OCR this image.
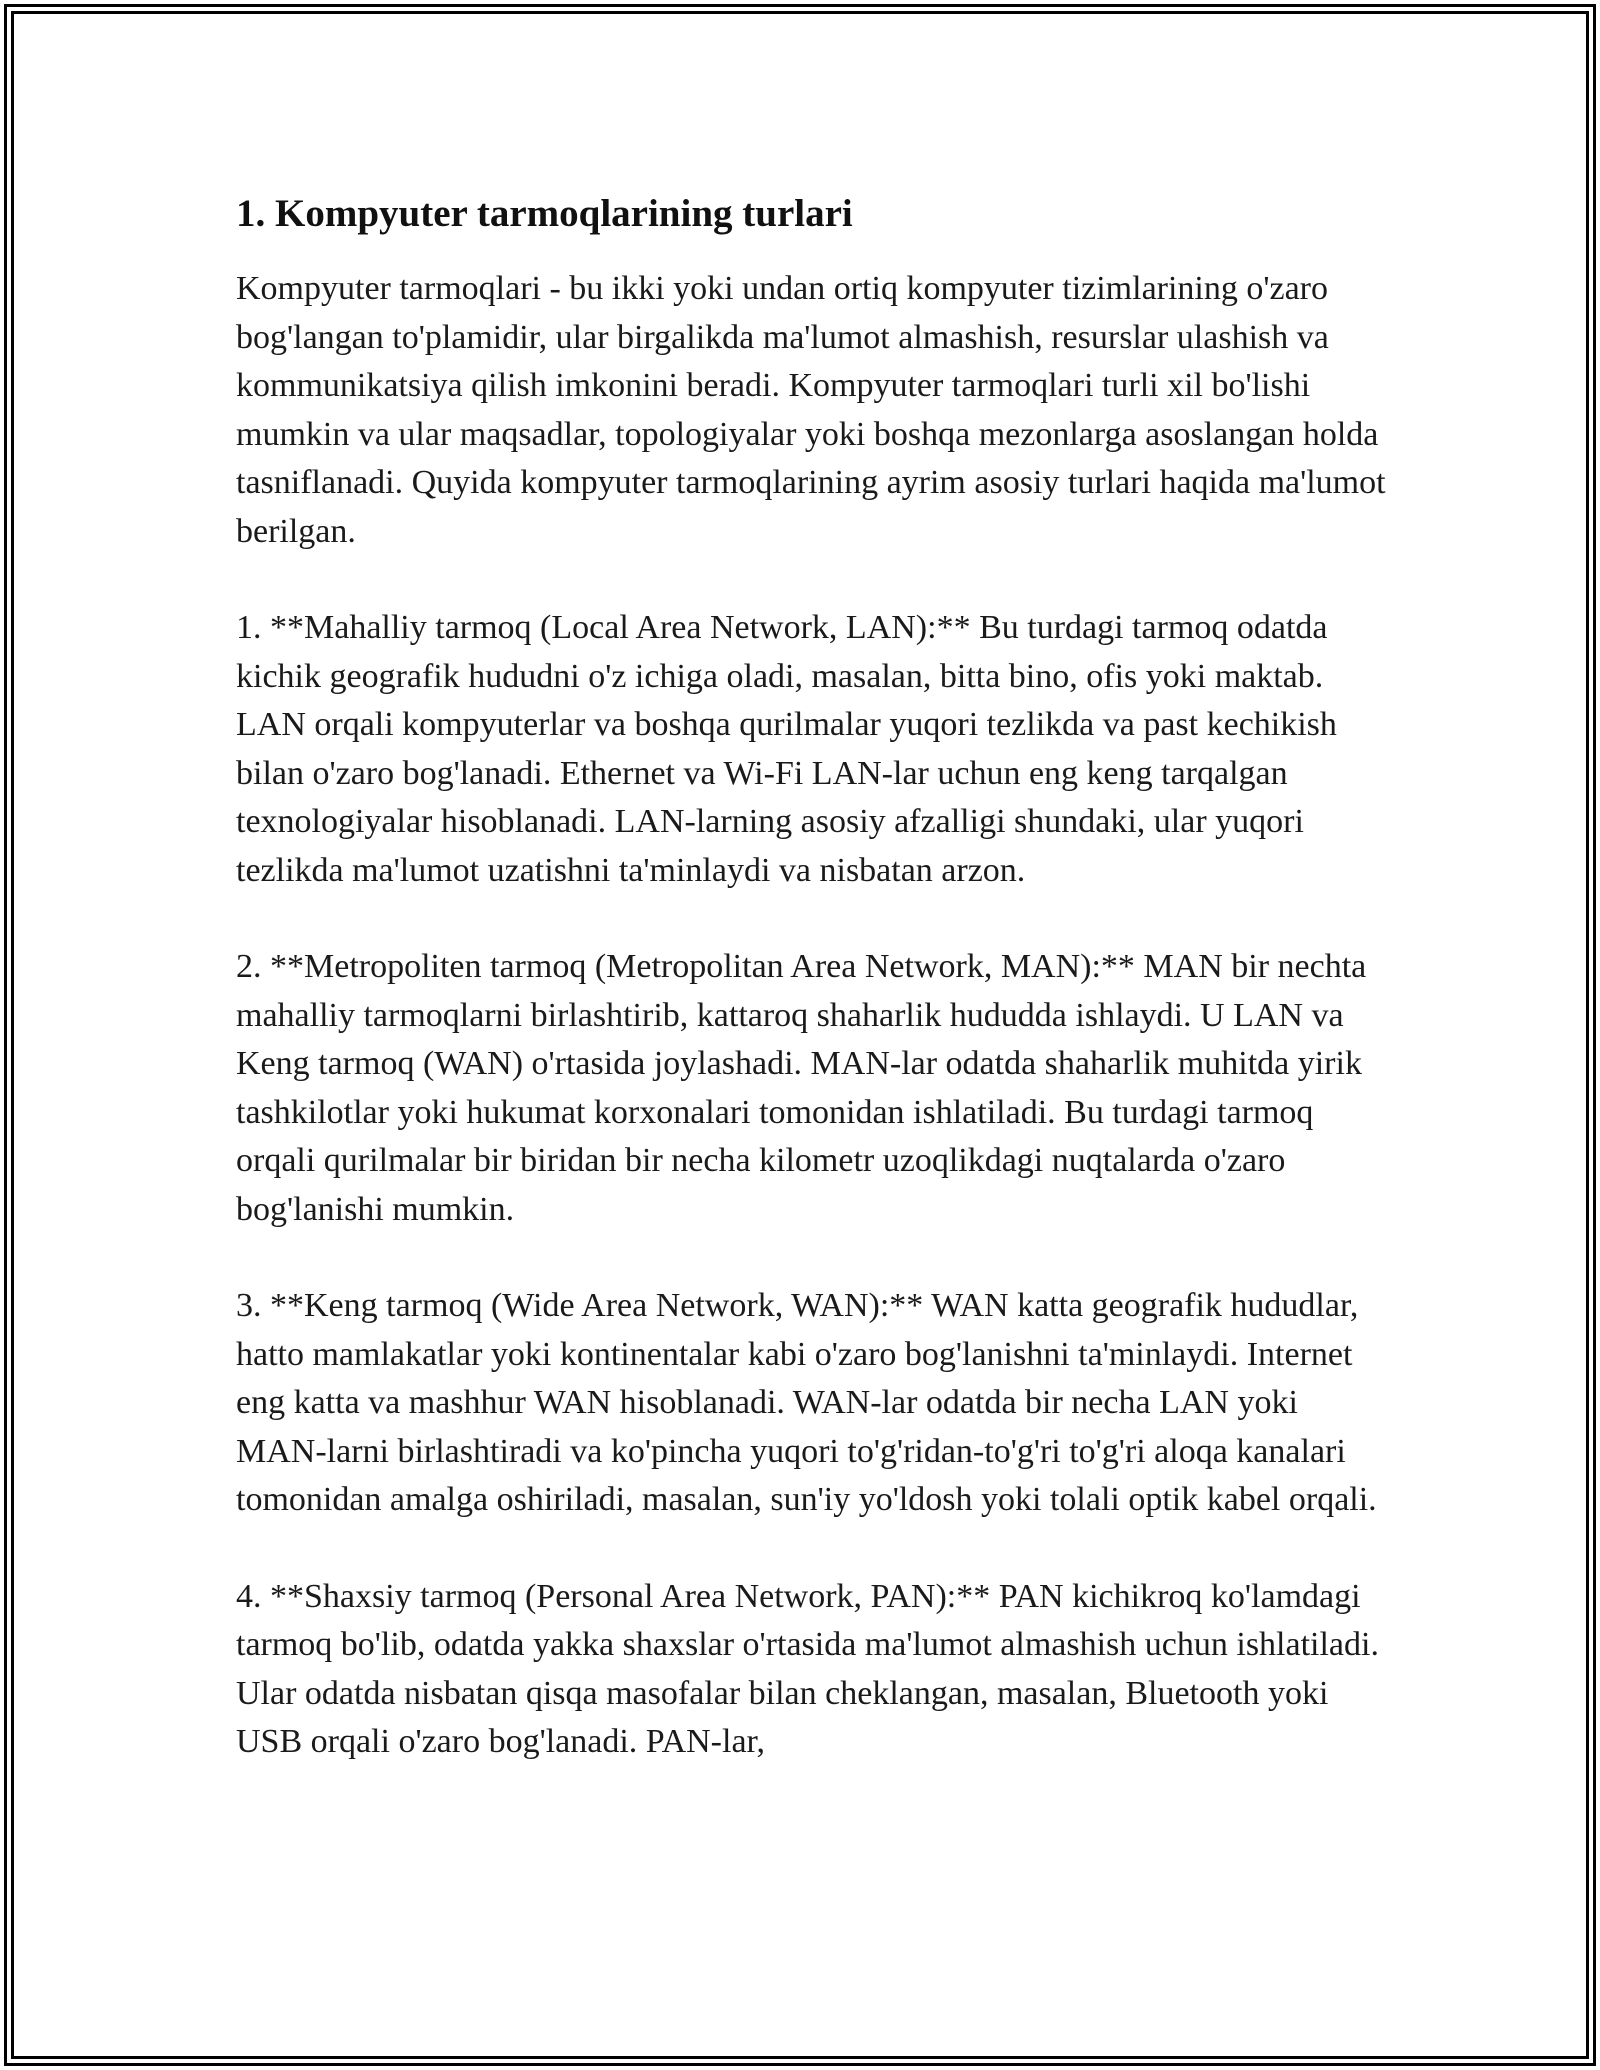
1. Kompyuter tarmoqlarining turlari

Kompyuter tarmoqlari - bu ikki yoki undan ortiq kompyuter tizimlarining o'zaro bog'langan to'plamidir, ular birgalikda ma'lumot almashish, resurslar ulashish va kommunikatsiya qilish imkonini beradi. Kompyuter tarmoqlari turli xil bo'lishi mumkin va ular maqsadlar, topologiyalar yoki boshqa mezonlarga asoslangan holda tasniflanadi. Quyida kompyuter tarmoqlarining ayrim asosiy turlari haqida ma'lumot berilgan.

1. **Mahalliy tarmoq (Local Area Network, LAN):** Bu turdagi tarmoq odatda kichik geografik hududni o'z ichiga oladi, masalan, bitta bino, ofis yoki maktab. LAN orqali kompyuterlar va boshqa qurilmalar yuqori tezlikda va past kechikish bilan o'zaro bog'lanadi. Ethernet va Wi-Fi LAN-lar uchun eng keng tarqalgan texnologiyalar hisoblanadi. LAN-larning asosiy afzalligi shundaki, ular yuqori tezlikda ma'lumot uzatishni ta'minlaydi va nisbatan arzon.

2. **Metropoliten tarmoq (Metropolitan Area Network, MAN):** MAN bir nechta mahalliy tarmoqlarni birlashtirib, kattaroq shaharlik hududda ishlaydi. U LAN va Keng tarmoq (WAN) o'rtasida joylashadi. MAN-lar odatda shaharlik muhitda yirik tashkilotlar yoki hukumat korxonalari tomonidan ishlatiladi. Bu turdagi tarmoq orqali qurilmalar bir biridan bir necha kilometr uzoqlikdagi nuqtalarda o'zaro bog'lanishi mumkin.

3. **Keng tarmoq (Wide Area Network, WAN):** WAN katta geografik hududlar, hatto mamlakatlar yoki kontinentalar kabi o'zaro bog'lanishni ta'minlaydi. Internet eng katta va mashhur WAN hisoblanadi. WAN-lar odatda bir necha LAN yoki MAN-larni birlashtiradi va ko'pincha yuqori to'g'ridan-to'g'ri to'g'ri aloqa kanalari tomonidan amalga oshiriladi, masalan, sun'iy yo'ldosh yoki tolali optik kabel orqali.

4. **Shaxsiy tarmoq (Personal Area Network, PAN):** PAN kichikroq ko'lamdagi tarmoq bo'lib, odatda yakka shaxslar o'rtasida ma'lumot almashish uchun ishlatiladi. Ular odatda nisbatan qisqa masofalar bilan cheklangan, masalan, Bluetooth yoki USB orqali o'zaro bog'lanadi. PAN-lar,
